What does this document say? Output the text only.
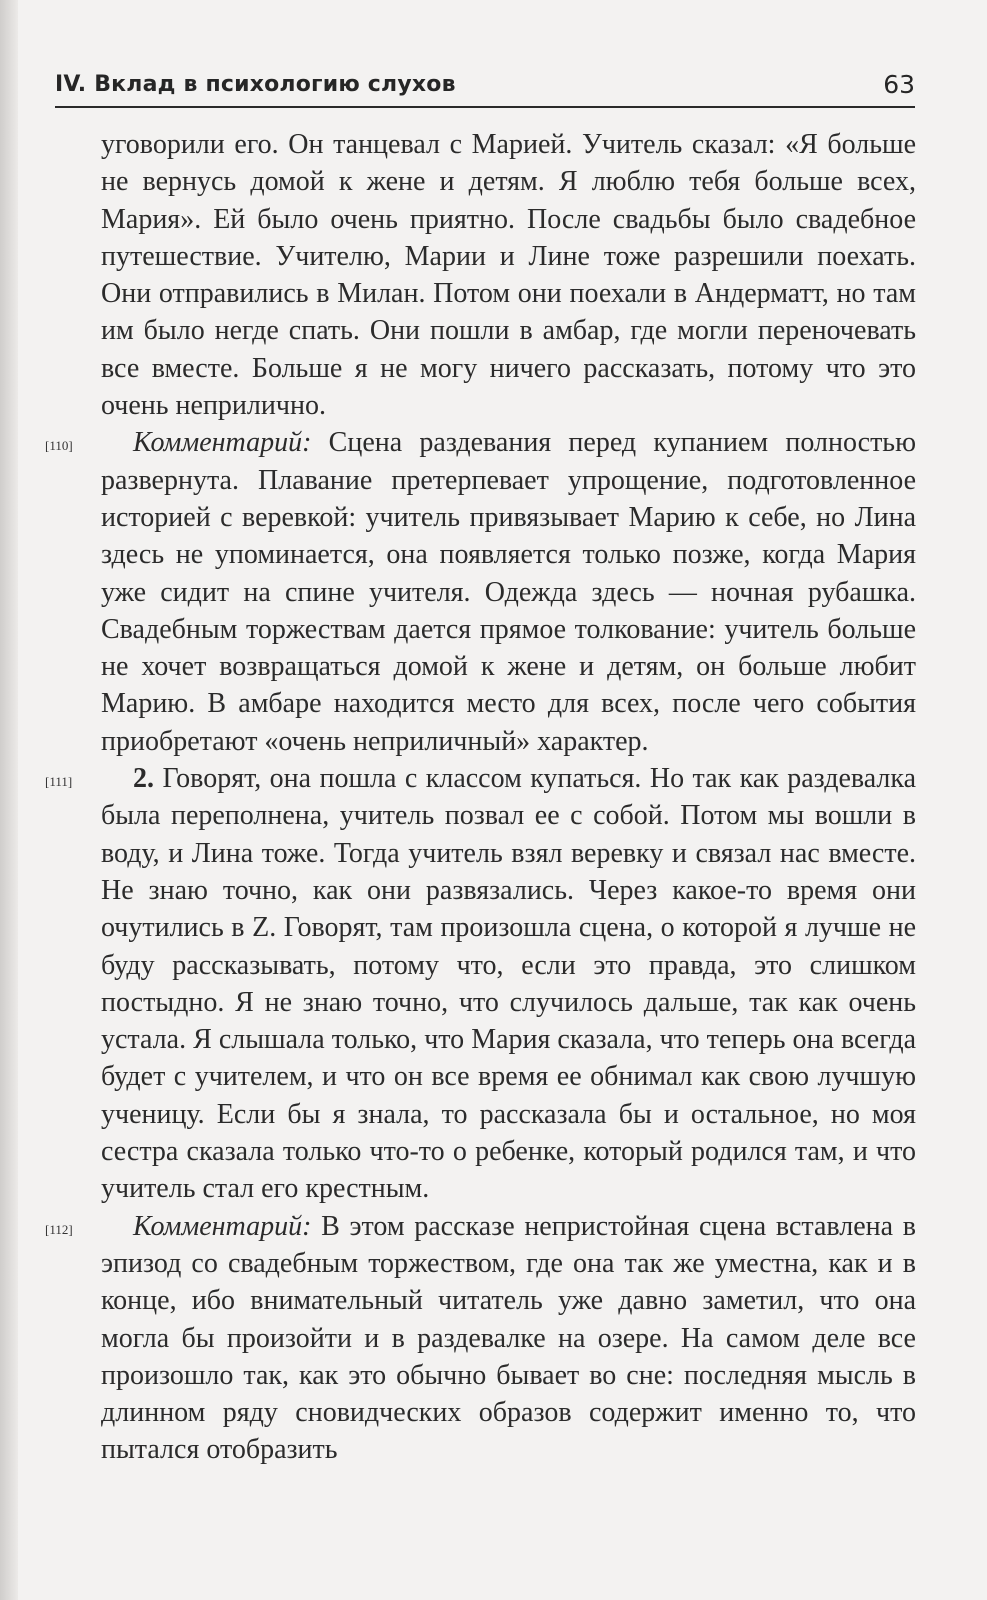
IV. Вклад в психологию слухов	63

уговорили его. Он танцевал с Марией. Учитель сказал: «Я больше не вернусь домой к жене и детям. Я люблю тебя больше всех, Мария». Ей было очень приятно. После свадьбы было свадебное путешествие. Учителю, Марии и Лине тоже разрешили поехать. Они отправились в Милан. Потом они поехали в Андерматт, но там им было негде спать. Они пошли в амбар, где могли переночевать все вместе. Больше я не могу ничего рассказать, потому что это очень неприлично.

[110] Комментарий: Сцена раздевания перед купанием полностью развернута. Плавание претерпевает упрощение, подготовленное историей с веревкой: учитель привязывает Марию к себе, но Лина здесь не упоминается, она появляется только позже, когда Мария уже сидит на спине учителя. Одежда здесь — ночная рубашка. Свадебным торжествам дается прямое толкование: учитель больше не хочет возвращаться домой к жене и детям, он больше любит Марию. В амбаре находится место для всех, после чего события приобретают «очень неприличный» характер.

[111] 2. Говорят, она пошла с классом купаться. Но так как раздевалка была переполнена, учитель позвал ее с собой. Потом мы вошли в воду, и Лина тоже. Тогда учитель взял веревку и связал нас вместе. Не знаю точно, как они развязались. Через какое-то время они очутились в Z. Говорят, там произошла сцена, о которой я лучше не буду рассказывать, потому что, если это правда, это слишком постыдно. Я не знаю точно, что случилось дальше, так как очень устала. Я слышала только, что Мария сказала, что теперь она всегда будет с учителем, и что он все время ее обнимал как свою лучшую ученицу. Если бы я знала, то рассказала бы и остальное, но моя сестра сказала только что-то о ребенке, который родился там, и что учитель стал его крестным.

[112] Комментарий: В этом рассказе непристойная сцена вставлена в эпизод со свадебным торжеством, где она так же уместна, как и в конце, ибо внимательный читатель уже давно заметил, что она могла бы произойти и в раздевалке на озере. На самом деле все произошло так, как это обычно бывает во сне: последняя мысль в длинном ряду сновидческих образов содержит именно то, что пытался отобразить
